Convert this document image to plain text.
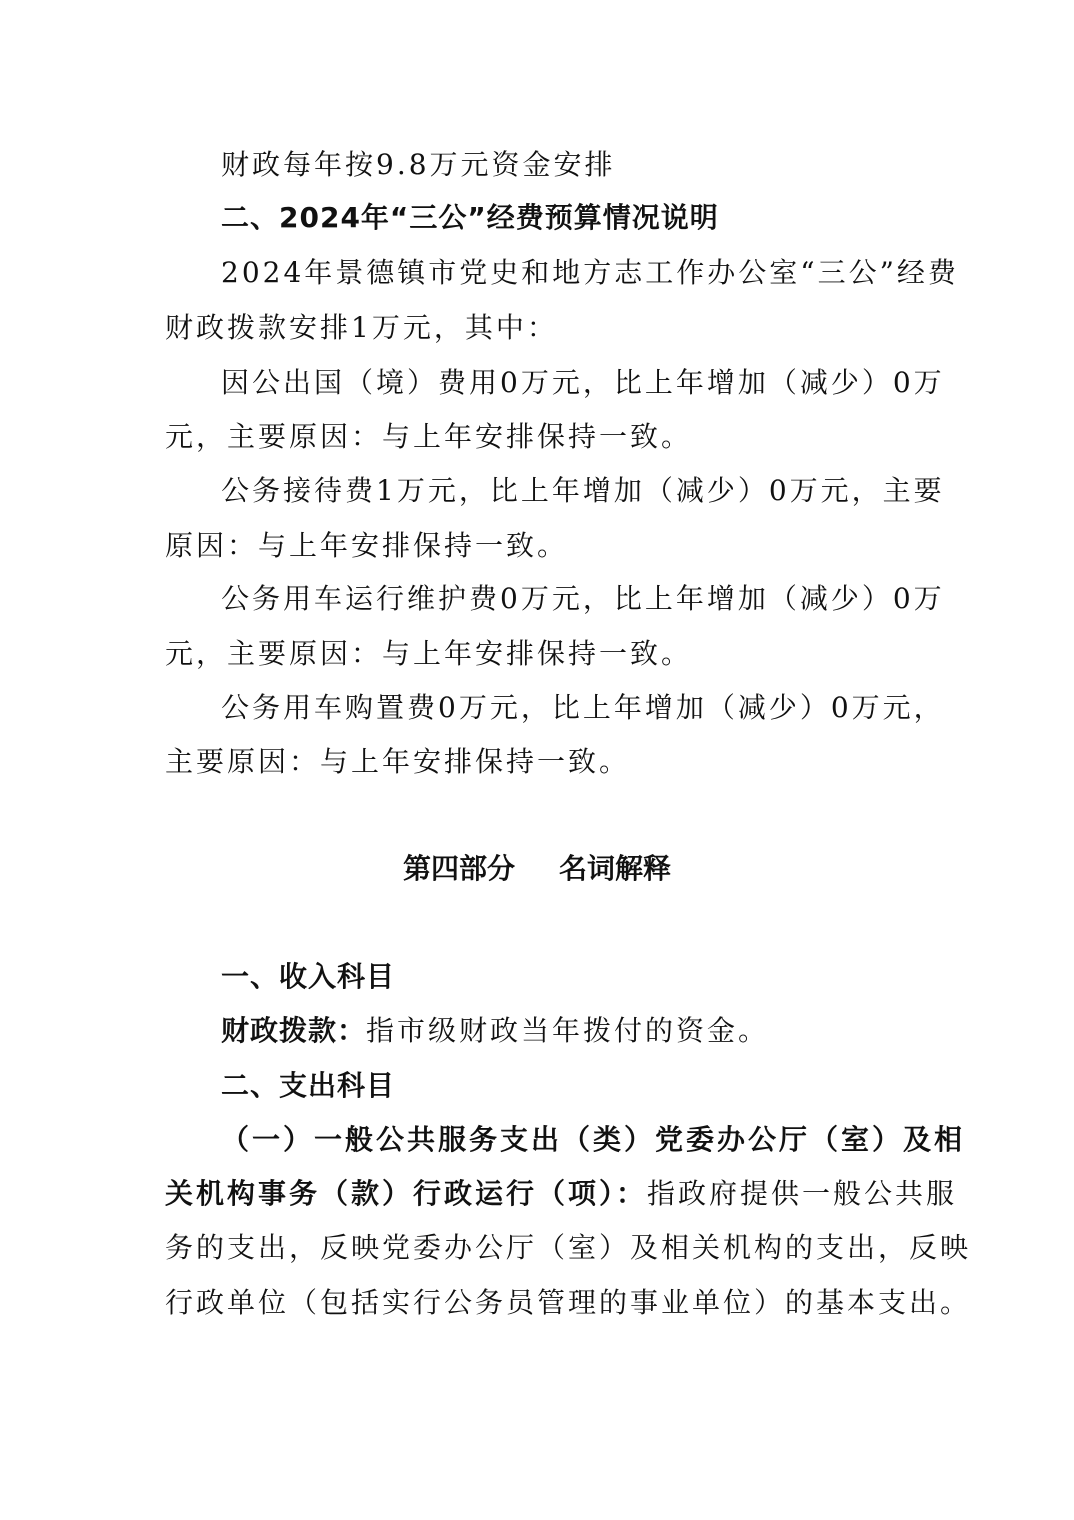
财政每年按9.8万元资金安排
二、2024年“三公”经费预算情况说明
2024年景德镇市党史和地方志工作办公室“三公”经费
财政拨款安排1万元，其中：
因公出国（境）费用0万元，比上年增加（减少）0万
元，主要原因：与上年安排保持一致。
公务接待费1万元，比上年增加（减少）0万元，主要
原因：与上年安排保持一致。
公务用车运行维护费0万元，比上年增加（减少）0万
元，主要原因：与上年安排保持一致。
公务用车购置费0万元，比上年增加（减少）0万元，
主要原因：与上年安排保持一致。
第四部分 名词解释
一、收入科目
财政拨款：指市级财政当年拨付的资金。
二、支出科目
（一）一般公共服务支出（类）党委办公厅（室）及相
关机构事务（款）行政运行（项）：指政府提供一般公共服
务的支出，反映党委办公厅（室）及相关机构的支出，反映
行政单位（包括实行公务员管理的事业单位）的基本支出。
